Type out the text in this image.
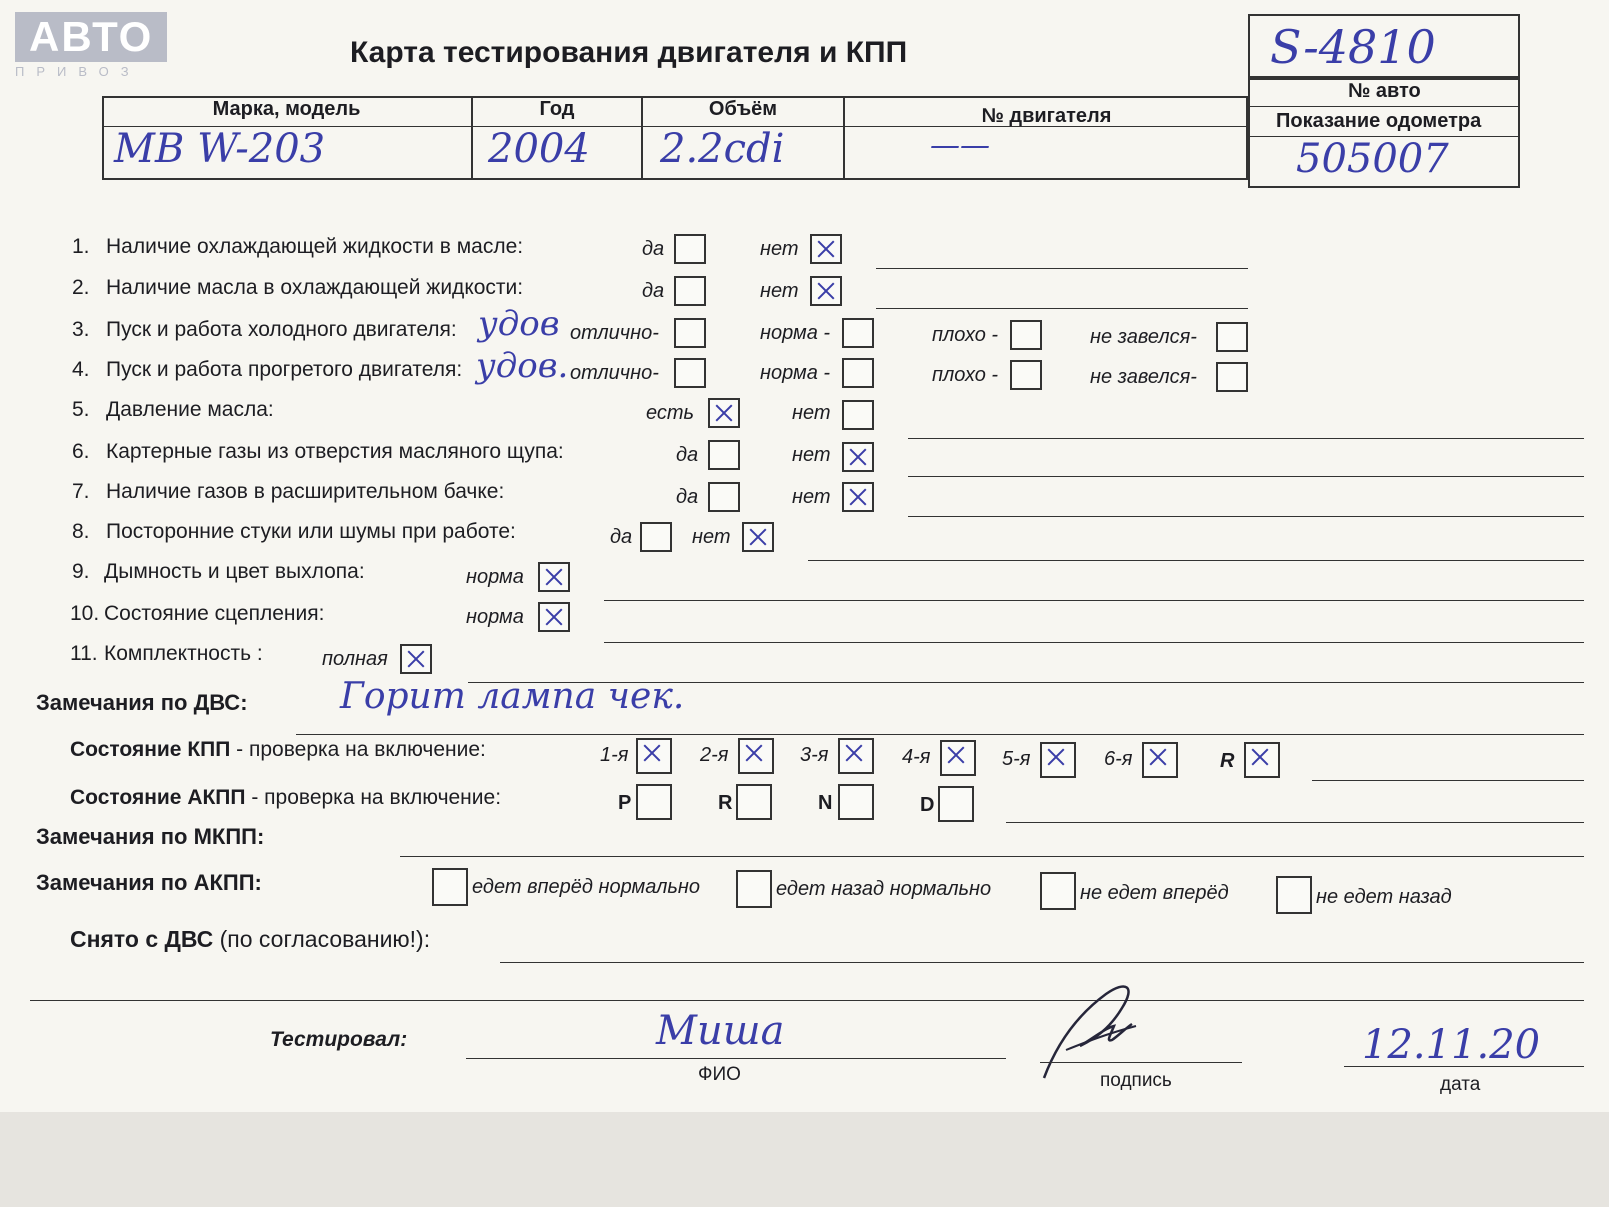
АВТО
ПРИВОЗ
Карта тестирования двигателя и КПП	S-4810
№ авто
Марка, модель	Год	Объём	№ двигателя
MB W-203	2004 2.2cdi	——
Показание одометра
505007
1. Наличие охлаждающей жидкости в масле:	да	нет
2. Наличие масла в охлаждающей жидкости:	да	нет
3. Пуск и работа холодного двигателя: удов отлично-	норма -	плохо -	не завелся-
4. Пуск и работа прогретого двигателя: удов. отлично-	норма -	плохо -	не завелся-
5. Давление масла:	есть	нет
6. Картерные газы из отверстия масляного щупа:	да	нет
7. Наличие газов в расширительном бачке:	да	нет
8. Посторонние стуки или шумы при работе:	да	нет
9. Дымность и цвет выхлопа:	норма
10. Состояние сцепления:	норма
11. Комплектность :	полная
Замечания по ДВС:	Горит лампа чек.
Состояние КПП - проверка на включение:	1-я	2-я	3-я	4-я	5-я	6-я	R
Состояние АКПП - проверка на включение:	P	R	N	D
Замечания по МКПП:
Замечания по АКПП:	едет вперёд нормально	едет назад нормально	не едет вперёд	не едет назад
Снято с ДВС (по согласованию!):
Тестировал:	Миша
ФИО	подпись
12.11.20
дата
